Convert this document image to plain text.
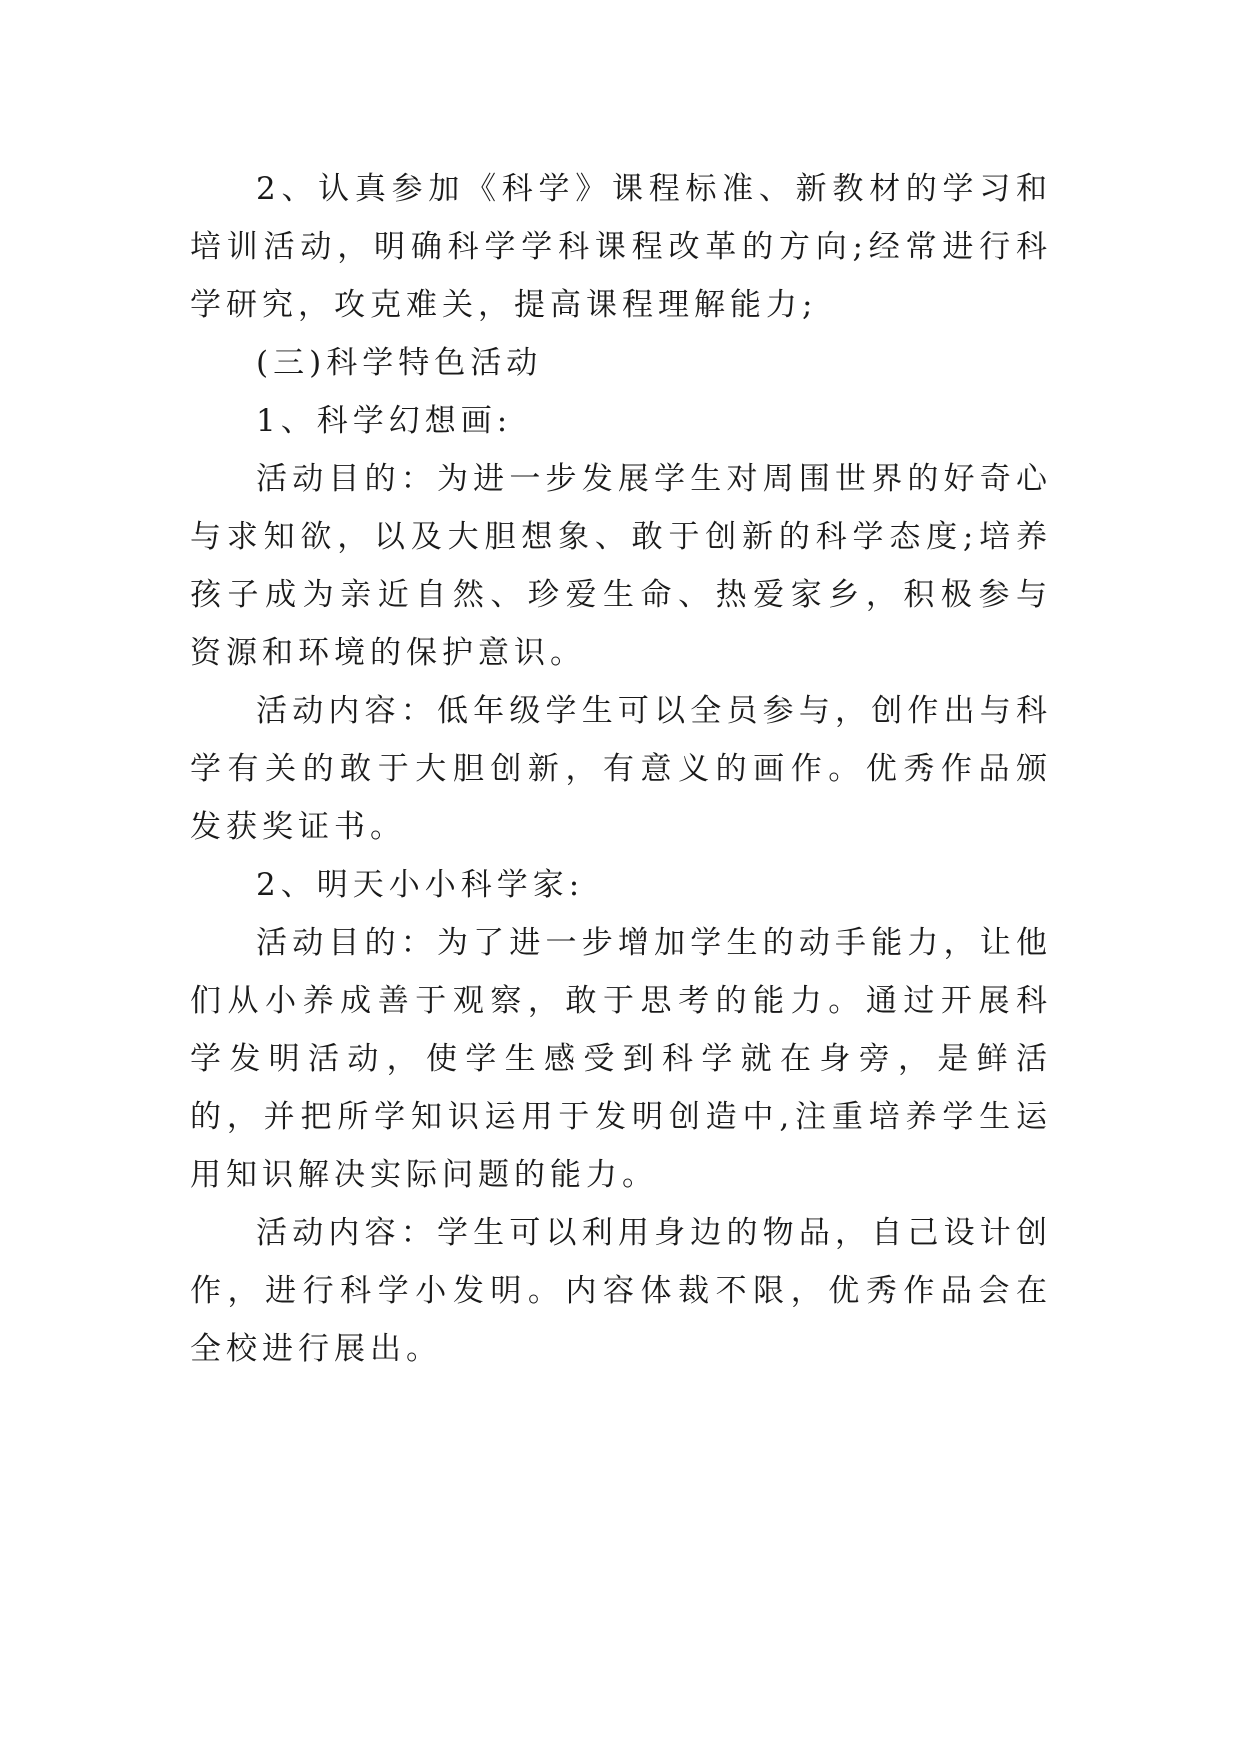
2、认真参加《科学》课程标准、新教材的学习和培训活动，明确科学学科课程改革的方向;经常进行科学研究，攻克难关，提高课程理解能力;

(三)科学特色活动

1、科学幻想画:

活动目的：为进一步发展学生对周围世界的好奇心与求知欲，以及大胆想象、敢于创新的科学态度;培养孩子成为亲近自然、珍爱生命、热爱家乡，积极参与资源和环境的保护意识。

活动内容：低年级学生可以全员参与，创作出与科学有关的敢于大胆创新，有意义的画作。优秀作品颁发获奖证书。

2、明天小小科学家:

活动目的：为了进一步增加学生的动手能力，让他们从小养成善于观察，敢于思考的能力。通过开展科学发明活动，使学生感受到科学就在身旁，是鲜活的，并把所学知识运用于发明创造中,注重培养学生运用知识解决实际问题的能力。

活动内容：学生可以利用身边的物品，自己设计创作，进行科学小发明。内容体裁不限，优秀作品会在全校进行展出。
